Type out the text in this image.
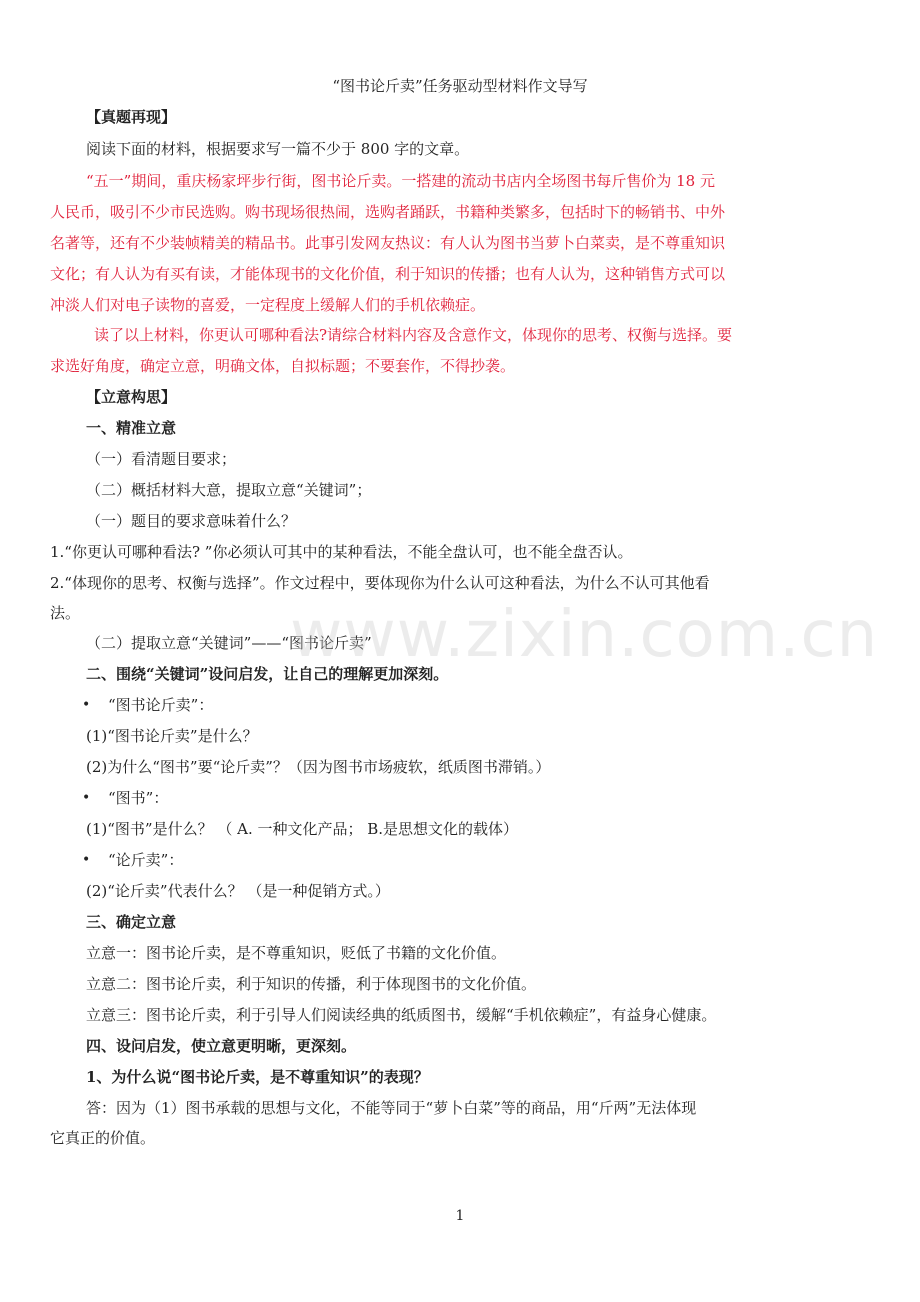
“图书论斤卖”任务驱动型材料作文导写
【真题再现】
阅读下面的材料，根据要求写一篇不少于 800 字的文章。
“五一”期间，重庆杨家坪步行街，图书论斤卖。一搭建的流动书店内全场图书每斤售价为 18 元
人民币，吸引不少市民选购。购书现场很热闹，选购者踊跃，书籍种类繁多，包括时下的畅销书、中外
名著等，还有不少装帧精美的精品书。此事引发网友热议：有人认为图书当萝卜白菜卖，是不尊重知识
文化；有人认为有买有读，才能体现书的文化价值，利于知识的传播；也有人认为，这种销售方式可以
冲淡人们对电子读物的喜爱，一定程度上缓解人们的手机依赖症。
读了以上材料，你更认可哪种看法?请综合材料内容及含意作文，体现你的思考、权衡与选择。要
求选好角度，确定立意，明确文体，自拟标题；不要套作，不得抄袭。
【立意构思】
一、精准立意
（一）看清题目要求；
（二）概括材料大意，提取立意“关键词”；
（一）题目的要求意味着什么？
1.“你更认可哪种看法? ”你必须认可其中的某种看法，不能全盘认可，也不能全盘否认。
2.“体现你的思考、权衡与选择”。作文过程中，要体现你为什么认可这种看法，为什么不认可其他看
法。
（二）提取立意“关键词”——“图书论斤卖”
二、围绕“关键词”设问启发，让自己的理解更加深刻。
• “图书论斤卖”：
(1)“图书论斤卖”是什么？
(2)为什么“图书”要“论斤卖”？（因为图书市场疲软，纸质图书滞销。）
• “图书”：
(1)“图书”是什么？ （ A. 一种文化产品； B.是思想文化的载体）
• “论斤卖”：
(2)“论斤卖”代表什么？ （是一种促销方式。）
三、确定立意
立意一：图书论斤卖，是不尊重知识，贬低了书籍的文化价值。
立意二：图书论斤卖，利于知识的传播，利于体现图书的文化价值。
立意三：图书论斤卖，利于引导人们阅读经典的纸质图书，缓解“手机依赖症”，有益身心健康。
四、设问启发，使立意更明晰，更深刻。
1、为什么说“图书论斤卖，是不尊重知识”的表现？
答：因为（1）图书承载的思想与文化，不能等同于“萝卜白菜”等的商品，用“斤两”无法体现
它真正的价值。
www.zixin.com.cn
1
